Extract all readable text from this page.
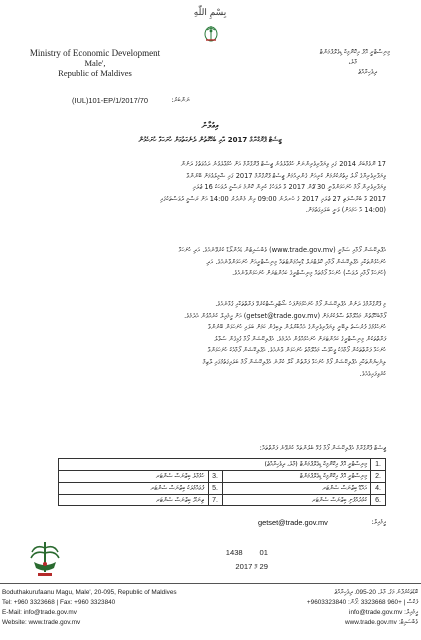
بِسْمِ اللّٰهِ
Ministry of Economic Development
Male',
Republic of Maldives
މިނިސްޓްރީ އޮފް އިކޮނޮމިކް ޑިވެލޮޕްމަންޓް
މާލެ،
ދިވެހިރާއްޖެ
(IUL)101-EP/1/2017/70	ނަންބަރު:
އިޢުލާން
ޖީސެޓް ޕްރޮގްރާމް 2017 އާއި ބެހޭގޮތުން ދެނެގަތުމަށް ހުށަހަޅާ ހުށަހެޅުން
17 ނޮވެމްބަރު 2014 ގައި ވިޔަފާރިވެރިންނަށް ހުޅުވާލެވުނު ޖީސެޓް ޕްރޮގްރާމް އަށް ހުޅުވާލެވުނު ދަޢުވަތުގެ ދަށުން
ވިޔަފާރިވެރިޔާގެ ރޯލު އިތުރުކުރުމަށް ކުރިއަށް ގެންދިއުމަށް ޖީސެޓް ޕްރޮގްރާމް 2017 ގައި ޝާމިލުވުމަށް ބޭނުންވާ
ވިޔަފާރިވެރިން ފޯމް ހުށަހަޅަންވާނީ 30 ޖޫން 2017 ވާ ދުވަހުގެ ކުރިން ކޮންމެ ރަސްމީ ދުވަހަކު 16 ޖުލައި
2017 ވާ ބުރާސްފަތި 27 ޖުލައި 2017 ގެ ހެނދުނު 09:00 އިން މެންދުރު 14:00 އަށް ރަސްމީ ދުވަސްތަކުގައި
(14:00 އާ ހަމައަށް) ވަނީ ބަލައިގަތުމަށް.
އެޕްލިކޭޝަން ފޯމާއި ސަމްރީ (www.trade.gov.mv) ވެބްސައިޓުން ޑައުންލޯޑް ކުރެވޭނެއެވެ. އަދި ހުށަހަޅާ
ހުށަހެޅުންތަކާއި އެޕްލިކޭޝަން ފޯމާއި ކޮލެޓްރަލް ޑޮކިއުމަންޓުތައް މިނިސްޓްރީއަށް ހުށަހަޅަންވާނެއެވެ. އަދި
(ހުށަހަޅާ ފޯމާއި ދުވަސް) ހުށަހަޅާ ފޯމުތައް މިނިސްޓްރީގެ ކައުންޓަރަށް ހުށަހަޅަންވާނެއެވެ.
މި ޕްރޮގްރާމްގެ ދަށުން އެޕްލިކޭޝަން ފޯމް ހުށަހެޅުމަށްފަހު ޝޯޓްލިސްޓްކުރެވޭ ފަރާތްތަކާއި ގުޅާނެއެވެ.
ފޯމާބެހޭގޮތުން މަޢުލޫމާތު ސާފުކުރުމަށް (getset@trade.gov.mv) އަށް އީމެއިލް ކުރެއްވުން އެދެމެވެ.
ހުށަހެޅުމުގެ ފުރުސަތު ލިބޭނީ ވިޔަފާރިވެރިންގެ އެއްބާރުލުން ލިބިގެން ކަމަށް ބަލައި ހުށަހަޅަން ބޭނުންވާ
ފަރާތްތަކުން މިނިސްޓްރީގެ ކައުންޓަރަށް ހުށަހެޅުއްވުން އެދެމެވެ. އެޕްލިކޭޝަން ފޯމާ ގުޅިގެން ސުވާލު
ހުށަހަޅާ ފަރާތްތަކުން ފޯމާއެކު ވީހާވެސް މަޢުލޫމާތު ހުށަހަޅަން ވާނެއެވެ. އެޕްލިކޭޝަން ފޯމާއެކު ހުށަހަޅަންވާ
ލިޔެކިޔުންތަކާއި އެޕްލިކޭޝަން ފޯމް ހުށަހަޅާ ފަރާތުން ކޯލް ކުރާނެ އެޕްލިކޭޝަން ފޯމް ބަލައިގަތުމުގައި ލާޒިމް
ކުރެވިފައިވެއެވެ.
ޖީސެޓް ޕްރޮގްރާމް އެޕްލިކޭޝަން ފޯމާ ގުޅޭ ބެލުންތައް ކުރެވޭނެ ފަރާތްތައް:
1.
މިނިސްޓްރީ އޮފް އިކޮނޮމިކް ޑިވެލޮޕްމަންޓް (މާލެ، ދިވެހިރާއްޖެ)
2.
މިނިސްޓްރީ އޮފް އިކޮނޮމިކް ޑިވެލޮޕްމަންޓް
3.
ހުޅުމާލެ ބިޒްނަސް ސެންޓަރ
4.
އައްޑޫ ބިޒްނަސް ސެންޓަރ
5.
ފުވައްމުލަކު ބިޒްނަސް ސެންޓަރ
6.
ކުޅުދުއްފުށި ބިޒްނަސް ސެންޓަރ
7.
ތިނަދޫ ބިޒްނަސް ސެންޓަރ
getset@trade.gov.mv	އީމެއިލް:
01        1438
29 މޭ 2017
Boduthakurufaanu Magu, Male', 20-095, Republic of Maldives
Tel: +960 3323668 | Fax: +960 3323840
E-Mail: info@trade.gov.mv
Website: www.trade.gov.mv
ބޮޑުތަކުރުފާނު މަގު، މާލެ، 20-095، ދިވެހިރާއްޖެ
+9603323840 :ފެކްސް | +960 3323668 :ފޯން
info@trade.gov.mv :އީމެއިލް
www.trade.gov.mv :ވެބްސައިޓް
